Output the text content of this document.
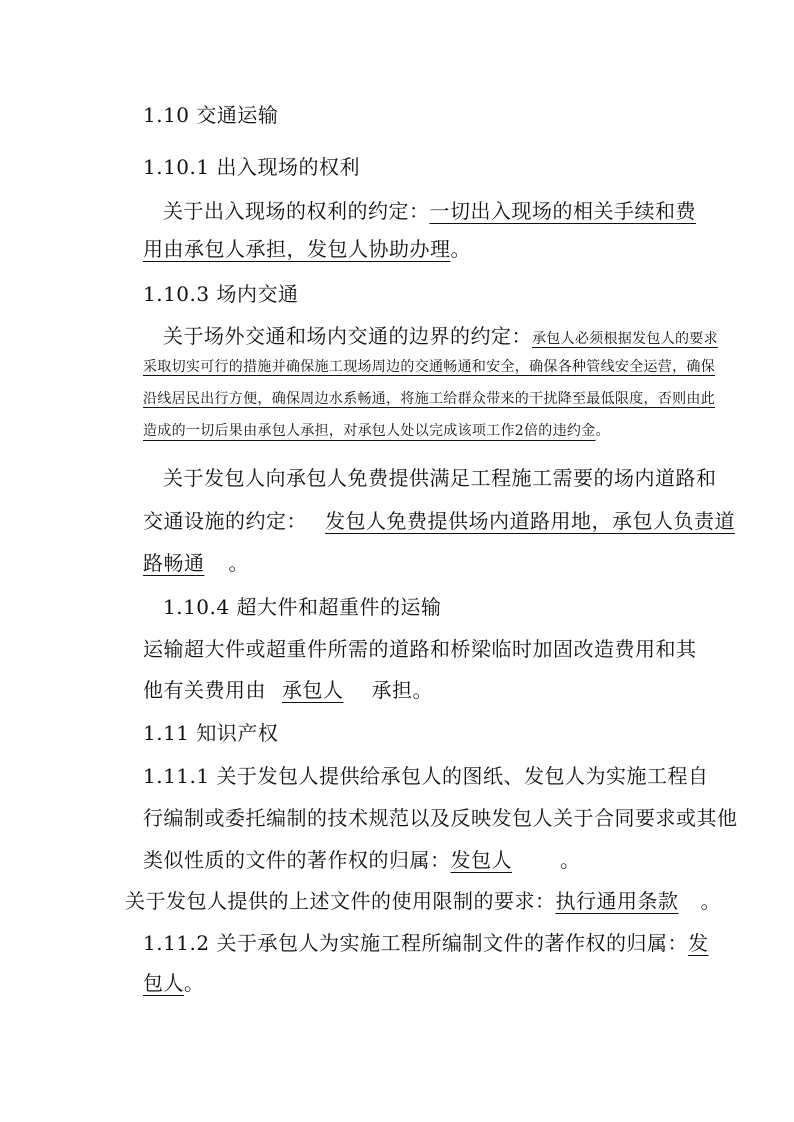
1.10 交通运输
1.10.1 出入现场的权利
关于出入现场的权利的约定：一切出入现场的相关手续和费
用由承包人承担，发包人协助办理。
1.10.3 场内交通
关于场外交通和场内交通的边界的约定：承包人必须根据发包人的要求
采取切实可行的措施并确保施工现场周边的交通畅通和安全，确保各种管线安全运营，确保
沿线居民出行方便，确保周边水系畅通，将施工给群众带来的干扰降至最低限度，否则由此
造成的一切后果由承包人承担，对承包人处以完成该项工作2倍的违约金。
关于发包人向承包人免费提供满足工程施工需要的场内道路和
交通设施的约定： 发包人免费提供场内道路用地，承包人负责道
路畅通 。
1.10.4 超大件和超重件的运输
运输超大件或超重件所需的道路和桥梁临时加固改造费用和其
他有关费用由 承包人 承担。
1.11 知识产权
1.11.1 关于发包人提供给承包人的图纸、发包人为实施工程自
行编制或委托编制的技术规范以及反映发包人关于合同要求或其他
类似性质的文件的著作权的归属：发包人 。
关于发包人提供的上述文件的使用限制的要求：执行通用条款 。
1.11.2 关于承包人为实施工程所编制文件的著作权的归属：发
包人。
